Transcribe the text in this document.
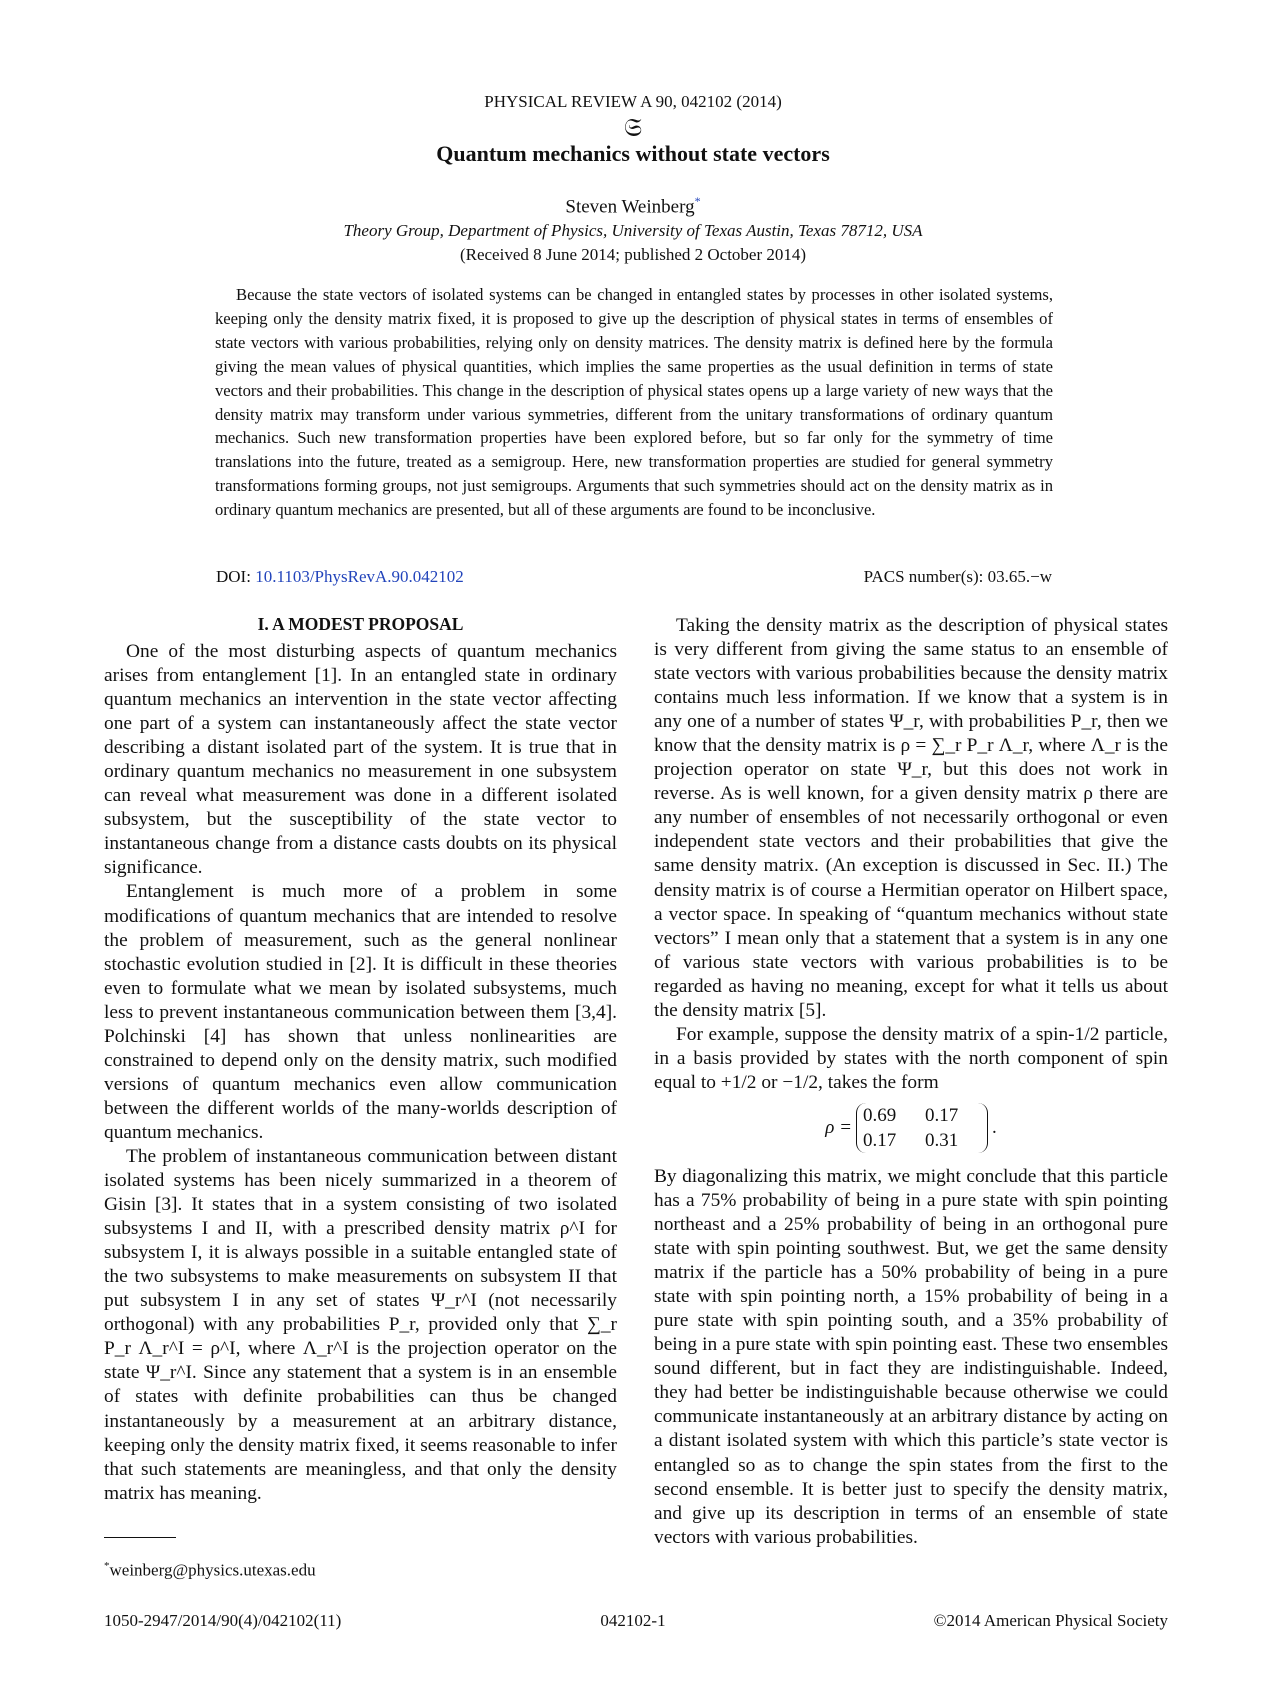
PHYSICAL REVIEW A 90, 042102 (2014)
𝔖
Quantum mechanics without state vectors
Steven Weinberg*
Theory Group, Department of Physics, University of Texas Austin, Texas 78712, USA
(Received 8 June 2014; published 2 October 2014)
Because the state vectors of isolated systems can be changed in entangled states by processes in other isolated systems, keeping only the density matrix fixed, it is proposed to give up the description of physical states in terms of ensembles of state vectors with various probabilities, relying only on density matrices. The density matrix is defined here by the formula giving the mean values of physical quantities, which implies the same properties as the usual definition in terms of state vectors and their probabilities. This change in the description of physical states opens up a large variety of new ways that the density matrix may transform under various symmetries, different from the unitary transformations of ordinary quantum mechanics. Such new transformation properties have been explored before, but so far only for the symmetry of time translations into the future, treated as a semigroup. Here, new transformation properties are studied for general symmetry transformations forming groups, not just semigroups. Arguments that such symmetries should act on the density matrix as in ordinary quantum mechanics are presented, but all of these arguments are found to be inconclusive.
DOI: 10.1103/PhysRevA.90.042102	PACS number(s): 03.65.−w
I. A MODEST PROPOSAL

One of the most disturbing aspects of quantum mechanics arises from entanglement [1]. In an entangled state in ordinary quantum mechanics an intervention in the state vector affecting one part of a system can instantaneously affect the state vector describing a distant isolated part of the system. It is true that in ordinary quantum mechanics no measurement in one subsystem can reveal what measurement was done in a different isolated subsystem, but the susceptibility of the state vector to instantaneous change from a distance casts doubts on its physical significance.

Entanglement is much more of a problem in some modifications of quantum mechanics that are intended to resolve the problem of measurement, such as the general nonlinear stochastic evolution studied in [2]. It is difficult in these theories even to formulate what we mean by isolated subsystems, much less to prevent instantaneous communication between them [3,4]. Polchinski [4] has shown that unless nonlinearities are constrained to depend only on the density matrix, such modified versions of quantum mechanics even allow communication between the different worlds of the many-worlds description of quantum mechanics.

The problem of instantaneous communication between distant isolated systems has been nicely summarized in a theorem of Gisin [3]. It states that in a system consisting of two isolated subsystems I and II, with a prescribed density matrix ρ^I for subsystem I, it is always possible in a suitable entangled state of the two subsystems to make measurements on subsystem II that put subsystem I in any set of states Ψ_r^I (not necessarily orthogonal) with any probabilities P_r, provided only that ∑_r P_r Λ_r^I = ρ^I, where Λ_r^I is the projection operator on the state Ψ_r^I. Since any statement that a system is in an ensemble of states with definite probabilities can thus be changed instantaneously by a measurement at an arbitrary distance, keeping only the density matrix fixed, it seems reasonable to infer that such statements are meaningless, and that only the density matrix has meaning.

Taking the density matrix as the description of physical states is very different from giving the same status to an ensemble of state vectors with various probabilities because the density matrix contains much less information. If we know that a system is in any one of a number of states Ψ_r, with probabilities P_r, then we know that the density matrix is ρ = ∑_r P_r Λ_r, where Λ_r is the projection operator on state Ψ_r, but this does not work in reverse. As is well known, for a given density matrix ρ there are any number of ensembles of not necessarily orthogonal or even independent state vectors and their probabilities that give the same density matrix. (An exception is discussed in Sec. II.) The density matrix is of course a Hermitian operator on Hilbert space, a vector space. In speaking of “quantum mechanics without state vectors” I mean only that a statement that a system is in any one of various state vectors with various probabilities is to be regarded as having no meaning, except for what it tells us about the density matrix [5].

For example, suppose the density matrix of a spin-1/2 particle, in a basis provided by states with the north component of spin equal to +1/2 or −1/2, takes the form

ρ =
0.69	0.17
0.17	0.31
.

By diagonalizing this matrix, we might conclude that this particle has a 75% probability of being in a pure state with spin pointing northeast and a 25% probability of being in an orthogonal pure state with spin pointing southwest. But, we get the same density matrix if the particle has a 50% probability of being in a pure state with spin pointing north, a 15% probability of being in a pure state with spin pointing south, and a 35% probability of being in a pure state with spin pointing east. These two ensembles sound different, but in fact they are indistinguishable. Indeed, they had better be indistinguishable because otherwise we could communicate instantaneously at an arbitrary distance by acting on a distant isolated system with which this particle’s state vector is entangled so as to change the spin states from the first to the second ensemble. It is better just to specify the density matrix, and give up its description in terms of an ensemble of state vectors with various probabilities.

*weinberg@physics.utexas.edu
1050-2947/2014/90(4)/042102(11)	042102-1	©2014 American Physical Society
